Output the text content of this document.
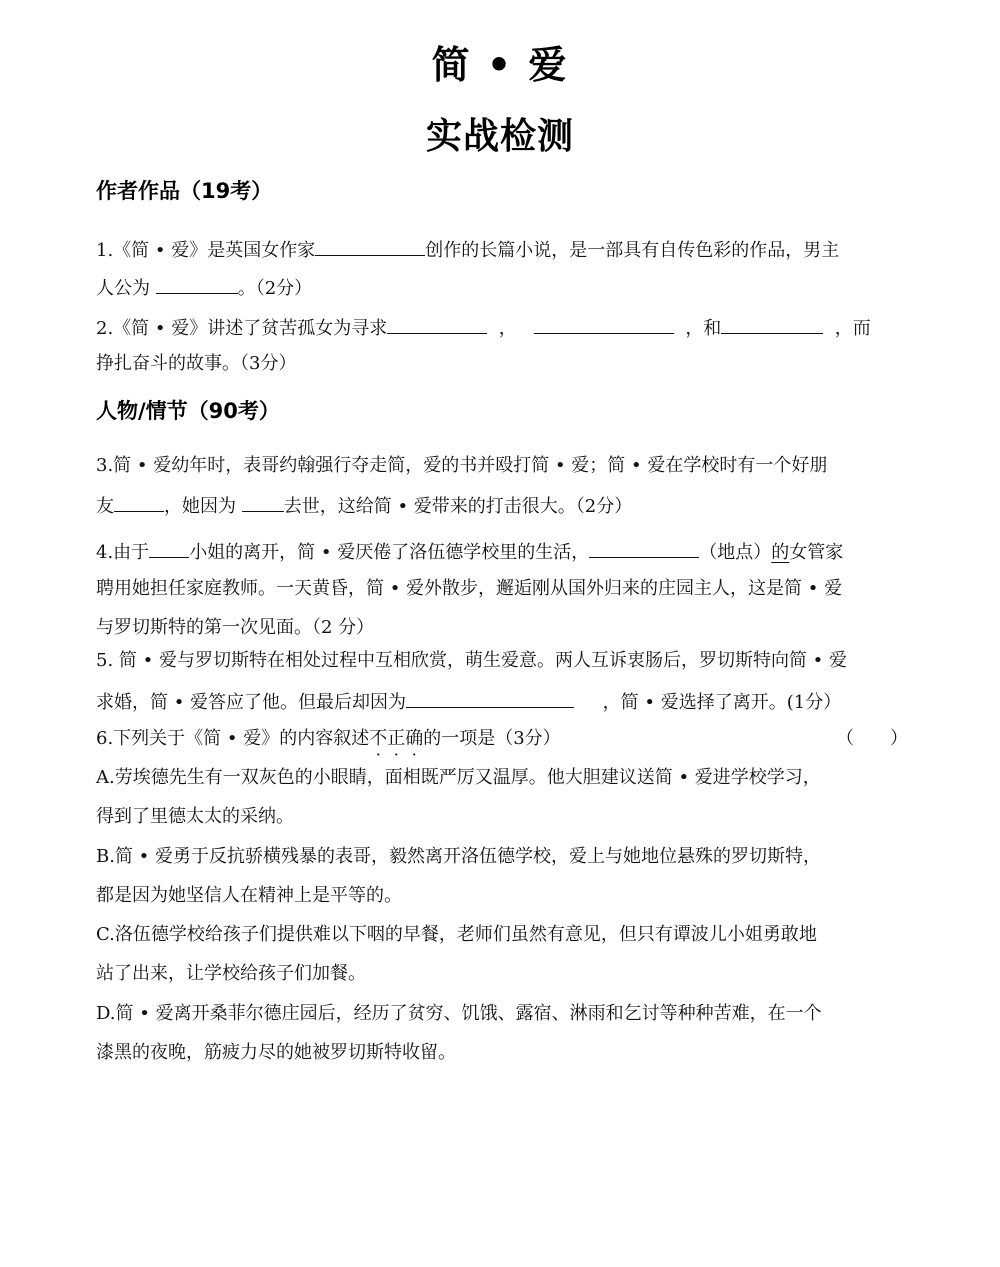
简 • 爱
实战检测
作者作品（19考）
1.《简 • 爱》是英国女作家	创作的长篇小说，是一部具有自传色彩的作品，男主
人公为	。（2分）
2.《简 • 爱》讲述了贫苦孤女为寻求	，	，和	，而
挣扎奋斗的故事。（3分）
人物/情节（90考）
3.简 • 爱幼年时，表哥约翰强行夺走简，爱的书并殴打简 • 爱；简 • 爱在学校时有一个好朋
友	，她因为	去世，这给简 • 爱带来的打击很大。（2分）
4.由于 小姐的离开，简 • 爱厌倦了洛伍德学校里的生活，	（地点）的女管家
聘用她担任家庭教师。一天黄昏，简 • 爱外散步，邂逅刚从国外归来的庄园主人，这是简 • 爱
与罗切斯特的第一次见面。（2 分）
5. 简 • 爱与罗切斯特在相处过程中互相欣赏，萌生爱意。两人互诉衷肠后，罗切斯特向简 • 爱
求婚，简 • 爱答应了他。但最后却因为	，简 • 爱选择了离开。(1分）
6.下列关于《简 • 爱》的内容叙述不正确的一项是（3分）	（　　）
A.劳埃德先生有一双灰色的小眼睛，面相既严厉又温厚。他大胆建议送简 • 爱进学校学习，
得到了里德太太的采纳。
B.简 • 爱勇于反抗骄横残暴的表哥，毅然离开洛伍德学校，爱上与她地位悬殊的罗切斯特，
都是因为她坚信人在精神上是平等的。
C.洛伍德学校给孩子们提供难以下咽的早餐，老师们虽然有意见，但只有谭波儿小姐勇敢地
站了出来，让学校给孩子们加餐。
D.简 • 爱离开桑菲尔德庄园后，经历了贫穷、饥饿、露宿、淋雨和乞讨等种种苦难，在一个
漆黑的夜晚，筋疲力尽的她被罗切斯特收留。
